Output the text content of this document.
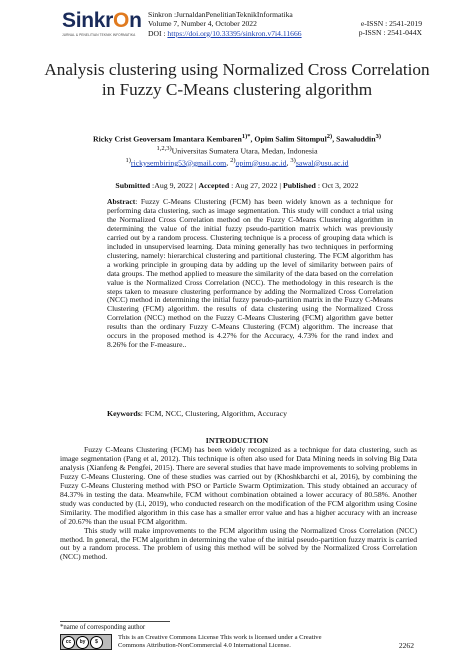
SinkrOn
JURNAL & PENELITIAN TEKNIK INFORMATIKA
Sinkron :JurnaldanPenelitianTeknikInformatika
Volume 7, Number 4, October 2022
DOI : https://doi.org/10.33395/sinkron.v7i4.11666
e-ISSN : 2541-2019
p-ISSN : 2541-044X
Analysis clustering using Normalized Cross Correlation in Fuzzy C-Means clustering algorithm
Ricky Crist Geoversam Imantara Kembaren$^{1)*}$, Opim Salim Sitompul$^{2)}$, Sawaluddin$^{3)}$
$^{1,2,3)}$Universitas Sumatera Utara, Medan, Indonesia
$^{1)}$rickysembiring53@gmail.com, $^{2)}$opim@usu.ac.id, $^{3)}$sawal@usu.ac.id
Submitted :Aug 9, 2022 | Accepted : Aug 27, 2022 | Published : Oct 3, 2022
Abstract: Fuzzy C-Means Clustering (FCM) has been widely known as a technique for performing data clustering, such as image segmentation. This study will conduct a trial using the Normalized Cross Correlation method on the Fuzzy C-Means Clustering algorithm in determining the value of the initial fuzzy pseudo-partition matrix which was previously carried out by a random process. Clustering technique is a process of grouping data which is included in unsupervised learning. Data mining generally has two techniques in performing clustering, namely: hierarchical clustering and partitional clustering. The FCM algorithm has a working principle in grouping data by adding up the level of similarity between pairs of data groups. The method applied to measure the similarity of the data based on the correlation value is the Normalized Cross Correlation (NCC). The methodology in this research is the steps taken to measure clustering performance by adding the Normalized Cross Correlation (NCC) method in determining the initial fuzzy pseudo-partition matrix in the Fuzzy C-Means Clustering (FCM) algorithm. the results of data clustering using the Normalized Cross Correlation (NCC) method on the Fuzzy C-Means Clustering (FCM) algorithm gave better results than the ordinary Fuzzy C-Means Clustering (FCM) algorithm. The increase that occurs in the proposed method is 4.27% for the Accuracy, 4.73% for the rand index and 8.26% for the F-measure..
Keywords: FCM, NCC, Clustering, Algorithm, Accuracy
INTRODUCTION

Fuzzy C-Means Clustering (FCM) has been widely recognized as a technique for data clustering, such as image segmentation (Pang et al, 2012). This technique is often also used for Data Mining needs in solving Big Data analysis (Xianfeng & Pengfei, 2015). There are several studies that have made improvements to solving problems in Fuzzy C-Means Clustering. One of these studies was carried out by (Khoshkbarchi et al, 2016), by combining the Fuzzy C-Means Clustering method with PSO or Particle Swarm Optimization. This study obtained an accuracy of 84.37% in testing the data. Meanwhile, FCM without combination obtained a lower accuracy of 80.58%. Another study was conducted by (Li, 2019), who conducted research on the modification of the FCM algorithm using Cosine Similarity. The modified algorithm in this case has a smaller error value and has a higher accuracy with an increase of 20.67% than the usual FCM algorithm.

This study will make improvements to the FCM algorithm using the Normalized Cross Correlation (NCC) method. In general, the FCM algorithm in determining the value of the initial pseudo-partition fuzzy matrix is carried out by a random process. The problem of using this method will be solved by the Normalized Cross Correlation (NCC) method.

*name of corresponding author
cc	by	$
This is an Creative Commons License This work is licensed under a Creative
Commons Attribution-NonCommercial 4.0 International License.	2262
